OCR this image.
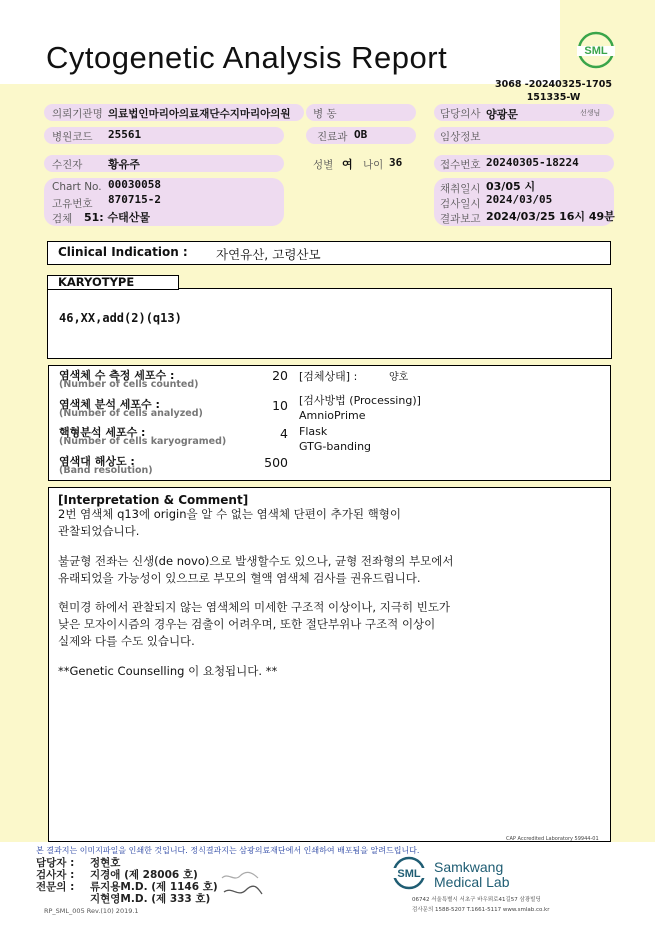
Cytogenetic Analysis Report	SML
3068 -20240325-1705
151335-W
의뢰기관명 의료법인마리아의료재단수지마리아의원 병 동	담당의사 양광문	선생님
병원코드 25561	진료과 OB	임상정보
수진자 황유주	성별 여 나이 36	접수번호 20240305-18224
Chart No. 00030058
고유번호 870715-2
검체 51: 수태산물
채취일시 03/05 시
검사일시 2024/03/05
결과보고 2024/03/25 16시 49분
Clinical Indication : 자연유산, 고령산모
KARYOTYPE
46,XX,add(2)(q13)
염색체 수 측정 세포수 :
(Number of cells counted)
20
염색체 분석 세포수 :
(Number of cells analyzed)
10
핵형분석 세포수 :
(Number of cells karyogramed)
4
염색대 해상도 :
(Band resolution)
500
[검체상태] :	양호
[검사방법 (Processing)]
AmnioPrime
Flask
GTG-banding
[Interpretation & Comment]
2번 염색체 q13에 origin을 알 수 없는 염색체 단편이 추가된 핵형이
관찰되었습니다.
불균형 전좌는 신생(de novo)으로 발생할수도 있으나, 균형 전좌형의 부모에서
유래되었을 가능성이 있으므로 부모의 혈액 염색체 검사를 권유드립니다.
현미경 하에서 관찰되지 않는 염색체의 미세한 구조적 이상이나, 지극히 빈도가
낮은 모자이시즘의 경우는 검출이 어려우며, 또한 절단부위나 구조적 이상이
실제와 다를 수도 있습니다.
**Genetic Counselling 이 요청됩니다. **
CAP Accredited Laboratory 59944-01
본 결과지는 이미지파일을 인쇄한 것입니다. 정식결과지는 삼광의료재단에서 인쇄하여 배포됨을 알려드립니다.
담당자 : 정현호
검사자 : 지경애 (제 28006 호)
전문의 : 류지용M.D. (제 1146 호)
지현영M.D. (제 333 호)
SML Samkwang
Medical Lab
06742 서울특별시 서초구 바우뫼로41길57 삼광빌딩
검사문의 1588-5207 T.1661-5117 www.smlab.co.kr
RP_SML_005 Rev.(10) 2019.1
